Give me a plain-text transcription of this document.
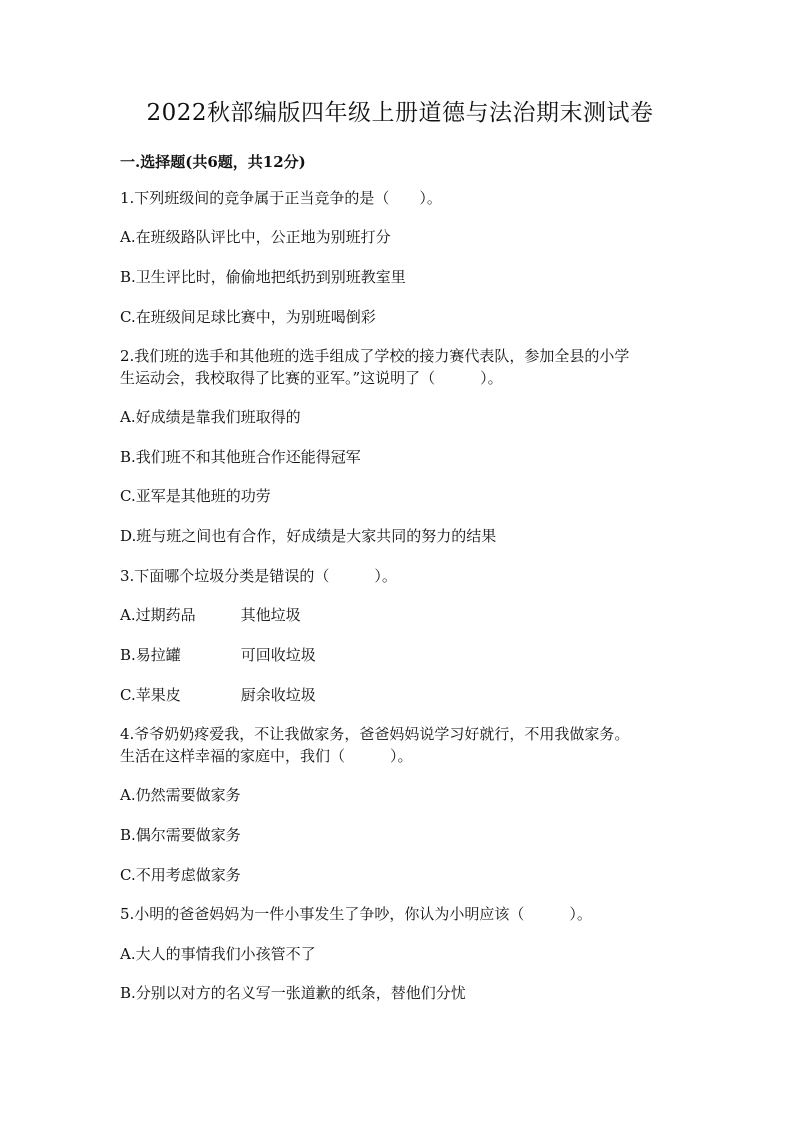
2022秋部编版四年级上册道德与法治期末测试卷
一.选择题(共6题，共12分)

1.下列班级间的竞争属于正当竞争的是（　　）。

A.在班级路队评比中，公正地为别班打分

B.卫生评比时，偷偷地把纸扔到别班教室里

C.在班级间足球比赛中，为别班喝倒彩

2.我们班的选手和其他班的选手组成了学校的接力赛代表队，参加全县的小学

生运动会，我校取得了比赛的亚军。”这说明了（　　　）。

A.好成绩是靠我们班取得的

B.我们班不和其他班合作还能得冠军

C.亚军是其他班的功劳

D.班与班之间也有合作，好成绩是大家共同的努力的结果

3.下面哪个垃圾分类是错误的（　　　）。

A.过期药品　　　其他垃圾

B.易拉罐　　　　可回收垃圾

C.苹果皮　　　　厨余收垃圾

4.爷爷奶奶疼爱我，不让我做家务，爸爸妈妈说学习好就行，不用我做家务。

生活在这样幸福的家庭中，我们（　　　）。

A.仍然需要做家务

B.偶尔需要做家务

C.不用考虑做家务

5.小明的爸爸妈妈为一件小事发生了争吵，你认为小明应该（　　　）。

A.大人的事情我们小孩管不了

B.分别以对方的名义写一张道歉的纸条，替他们分忧
